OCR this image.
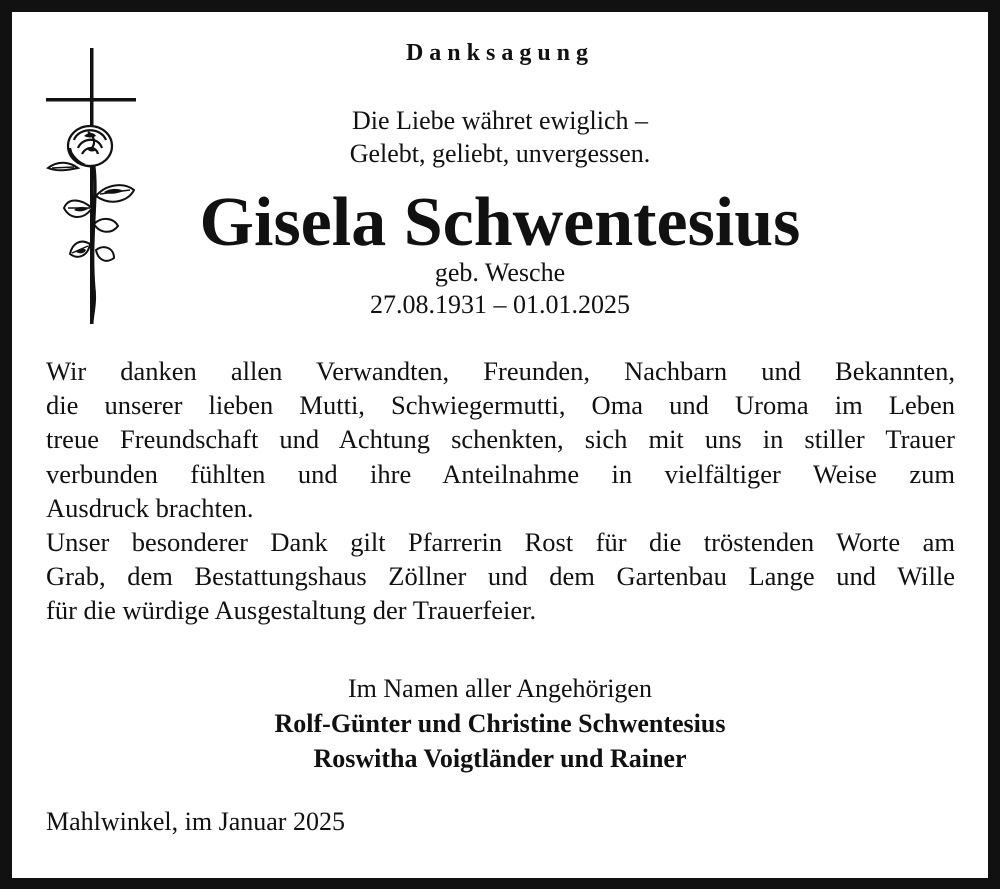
Danksagung
Die Liebe währet ewiglich –
Gelebt, geliebt, unvergessen.
Gisela Schwentesius
geb. Wesche
27.08.1931 – 01.01.2025
Wir danken allen Verwandten, Freunden, Nachbarn und Bekannten,
die unserer lieben Mutti, Schwiegermutti, Oma und Uroma im Leben
treue Freundschaft und Achtung schenkten, sich mit uns in stiller Trauer
verbunden fühlten und ihre Anteilnahme in vielfältiger Weise zum
Ausdruck brachten.
Unser besonderer Dank gilt Pfarrerin Rost für die tröstenden Worte am
Grab, dem Bestattungshaus Zöllner und dem Gartenbau Lange und Wille
für die würdige Ausgestaltung der Trauerfeier.
Im Namen aller Angehörigen
Rolf-Günter und Christine Schwentesius
Roswitha Voigtländer und Rainer
Mahlwinkel, im Januar 2025
